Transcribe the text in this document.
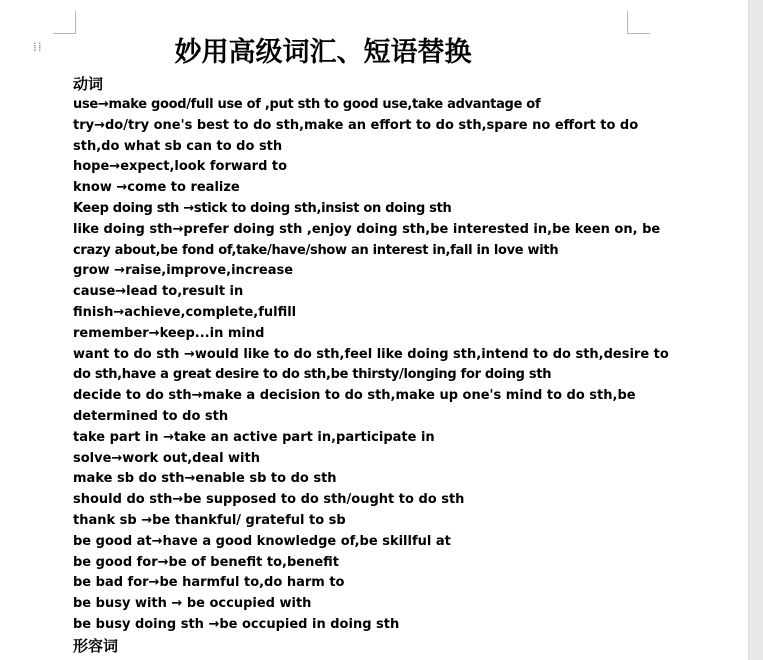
⁞⁞	妙用高级词汇、短语替换
动词
use→make good/full use of ,put sth to good use,take advantage of
try→do/try one's best to do sth,make an effort to do sth,spare no effort to do
sth,do what sb can to do sth
hope→expect,look forward to
know →come to realize
Keep doing sth →stick to doing sth,insist on doing sth
like doing sth→prefer doing sth ,enjoy doing sth,be interested in,be keen on, be
crazy about,be fond of,take/have/show an interest in,fall in love with
grow →raise,improve,increase
cause→lead to,result in
finish→achieve,complete,fulfill
remember→keep...in mind
want to do sth →would like to do sth,feel like doing sth,intend to do sth,desire to
do sth,have a great desire to do sth,be thirsty/longing for doing sth
decide to do sth→make a decision to do sth,make up one's mind to do sth,be
determined to do sth
take part in →take an active part in,participate in
solve→work out,deal with
make sb do sth→enable sb to do sth
should do sth→be supposed to do sth/ought to do sth
thank sb →be thankful/ grateful to sb
be good at→have a good knowledge of,be skillful at
be good for→be of benefit to,benefit
be bad for→be harmful to,do harm to
be busy with → be occupied with
be busy doing sth →be occupied in doing sth
形容词
